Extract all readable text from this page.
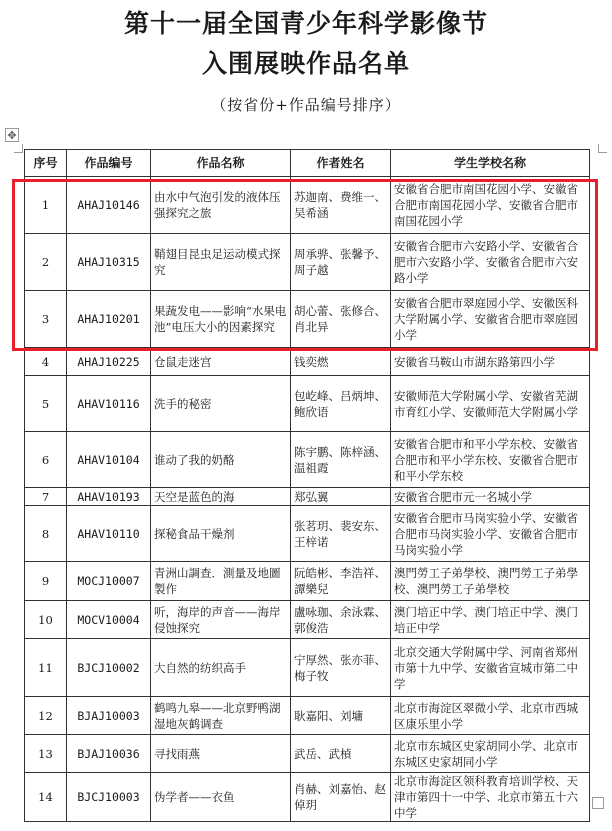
第十一届全国青少年科学影像节
入围展映作品名单
（按省份+作品编号排序）
✥
序号	作品编号	作品名称	作者姓名	学生学校名称
1	AHAJ10146	由水中气泡引发的液体压强探究之旅	苏迦南、费维一、吴希涵	安徽省合肥市南国花园小学、安徽省合肥市南国花园小学、安徽省合肥市南国花园小学
2	AHAJ10315	鞘翅目昆虫足运动模式探究	周承骅、张馨予、周子越	安徽省合肥市六安路小学、安徽省合肥市六安路小学、安徽省合肥市六安路小学
3	AHAJ10201	果蔬发电——影响“水果电池”电压大小的因素探究	胡心蕾、张修合、肖北异	安徽省合肥市翠庭园小学、安徽医科大学附属小学、安徽省合肥市翠庭园小学
4	AHAJ10225	仓鼠走迷宫	钱奕燃	安徽省马鞍山市湖东路第四小学
5	AHAV10116	洗手的秘密	包屹峰、吕炳坤、鲍欣语	安徽师范大学附属小学、安徽省芜湖市育红小学、安徽师范大学附属小学
6	AHAV10104	谁动了我的奶酪	陈宇鹏、陈梓涵、温祖霞	安徽省合肥市和平小学东校、安徽省合肥市和平小学东校、安徽省合肥市和平小学东校
7	AHAV10193	天空是蓝色的海	郑弘翼	安徽省合肥市元一名城小学
8	AHAV10110	探秘食品干燥剂	张茗玥、裴安东、王梓诺	安徽省合肥市马岗实验小学、安徽省合肥市马岗实验小学、安徽省合肥市马岗实验小学
9	MOCJ10007	青洲山調查．測量及地圖製作	阮皓彬、李浩祥、譚樂兒	澳門勞工子弟學校、澳門勞工子弟學校、澳門勞工子弟學校
10	MOCV10004	听，海岸的声音——海岸侵蚀探究	盧咏珈、余泳霖、郭俊浩	澳门培正中学、澳门培正中学、澳门培正中学
11	BJCJ10002	大自然的纺织高手	宁厚然、张亦菲、梅子牧	北京交通大学附属中学、河南省郑州市第十九中学、安徽省宣城市第二中学
12	BJAJ10003	鹤鸣九皋——北京野鸭湖湿地灰鹤调查	耿嘉阳、刘墉	北京市海淀区翠微小学、北京市西城区康乐里小学
13	BJAJ10036	寻找雨燕	武岳、武楨	北京市东城区史家胡同小学、北京市东城区史家胡同小学
14	BJCJ10003	伪学者——衣鱼	肖赫、刘嘉怡、赵倬玥	北京市海淀区领科教育培训学校、天津市第四十一中学、北京市第五十六中学
